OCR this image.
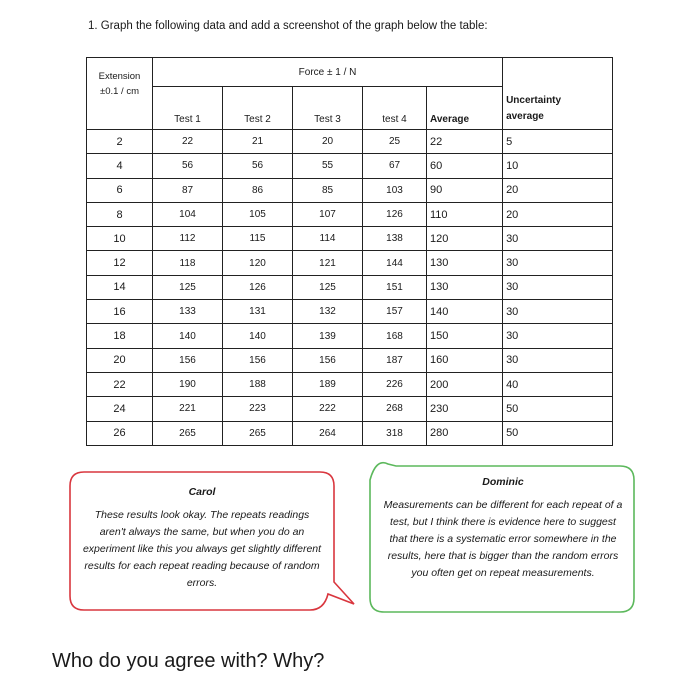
1. Graph the following data and add a screenshot of the graph below the table:
Extension
±0.1 / cm	Force ± 1 / N					
	Test 1	Test 2	Test 3	test 4	Average	Uncertainty
average

2	22	21	20	25	22	5
4	56	56	55	67	60	10
6	87	86	85	103	90	20
8	104	105	107	126	110	20
10	112	115	114	138	120	30
12	118	120	121	144	130	30
14	125	126	125	151	130	30
16	133	131	132	157	140	30
18	140	140	139	168	150	30
20	156	156	156	187	160	30
22	190	188	189	226	200	40
24	221	223	222	268	230	50
26	265	265	264	318	280	50
Carol
These results look okay. The repeats readings aren't always the same, but when you do an experiment like this you always get slightly different results for each repeat reading because of random errors.
Dominic
Measurements can be different for each repeat of a test, but I think there is evidence here to suggest that there is a systematic error somewhere in the results, here that is bigger than the random errors you often get on repeat measurements.
Who do you agree with? Why?
